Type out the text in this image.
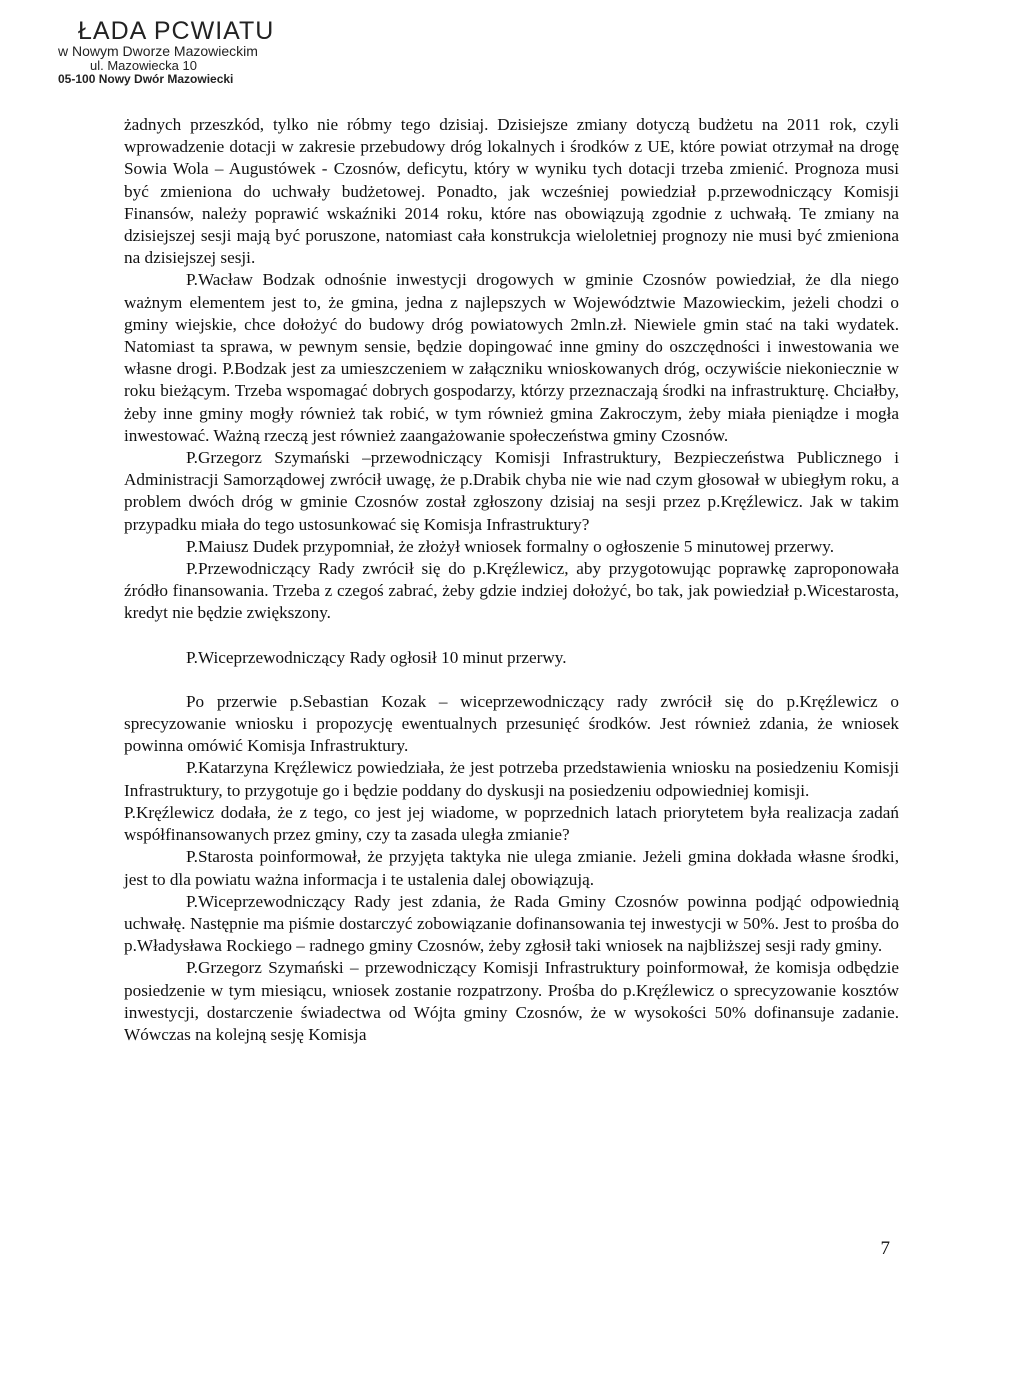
ŁADA PCWIATU
w Nowym Dworze Mazowieckim
ul. Mazowiecka 10
05-100 Nowy Dwór Mazowiecki

żadnych przeszkód, tylko nie róbmy tego dzisiaj. Dzisiejsze zmiany dotyczą budżetu na 2011 rok, czyli wprowadzenie dotacji w zakresie przebudowy dróg lokalnych i środków z UE, które powiat otrzymał na drogę Sowia Wola – Augustówek - Czosnów, deficytu, który w wyniku tych dotacji trzeba zmienić. Prognoza musi być zmieniona do uchwały budżetowej. Ponadto, jak wcześniej powiedział p.przewodniczący Komisji Finansów, należy poprawić wskaźniki 2014 roku, które nas obowiązują zgodnie z uchwałą. Te zmiany na dzisiejszej sesji mają być poruszone, natomiast cała konstrukcja wieloletniej prognozy nie musi być zmieniona na dzisiejszej sesji.

P.Wacław Bodzak odnośnie inwestycji drogowych w gminie Czosnów powiedział, że dla niego ważnym elementem jest to, że gmina, jedna z najlepszych w Województwie Mazowieckim, jeżeli chodzi o gminy wiejskie, chce dołożyć do budowy dróg powiatowych 2mln.zł. Niewiele gmin stać na taki wydatek. Natomiast ta sprawa, w pewnym sensie, będzie dopingować inne gminy do oszczędności i inwestowania we własne drogi. P.Bodzak jest za umieszczeniem w załączniku wnioskowanych dróg, oczywiście niekoniecznie w roku bieżącym. Trzeba wspomagać dobrych gospodarzy, którzy przeznaczają środki na infrastrukturę. Chciałby, żeby inne gminy mogły również tak robić, w tym również gmina Zakroczym, żeby miała pieniądze i mogła inwestować. Ważną rzeczą jest również zaangażowanie społeczeństwa gminy Czosnów.

P.Grzegorz Szymański –przewodniczący Komisji Infrastruktury, Bezpieczeństwa Publicznego i Administracji Samorządowej zwrócił uwagę, że p.Drabik chyba nie wie nad czym głosował w ubiegłym roku, a problem dwóch dróg w gminie Czosnów został zgłoszony dzisiaj na sesji przez p.Kręźlewicz. Jak w takim przypadku miała do tego ustosunkować się Komisja Infrastruktury?

P.Maiusz Dudek przypomniał, że złożył wniosek formalny o ogłoszenie 5 minutowej przerwy.

P.Przewodniczący Rady zwrócił się do p.Kręźlewicz, aby przygotowując poprawkę zaproponowała źródło finansowania. Trzeba z czegoś zabrać, żeby gdzie indziej dołożyć, bo tak, jak powiedział p.Wicestarosta, kredyt nie będzie zwiększony.

P.Wiceprzewodniczący Rady ogłosił 10 minut przerwy.

Po przerwie p.Sebastian Kozak – wiceprzewodniczący rady zwrócił się do p.Kręźlewicz o sprecyzowanie wniosku i propozycję ewentualnych przesunięć środków. Jest również zdania, że wniosek powinna omówić Komisja Infrastruktury.

P.Katarzyna Kręźlewicz powiedziała, że jest potrzeba przedstawienia wniosku na posiedzeniu Komisji Infrastruktury, to przygotuje go i będzie poddany do dyskusji na posiedzeniu odpowiedniej komisji.

P.Kręźlewicz dodała, że z tego, co jest jej wiadome, w poprzednich latach priorytetem była realizacja zadań współfinansowanych przez gminy, czy ta zasada uległa zmianie?

P.Starosta poinformował, że przyjęta taktyka nie ulega zmianie. Jeżeli gmina dokłada własne środki, jest to dla powiatu ważna informacja i te ustalenia dalej obowiązują.

P.Wiceprzewodniczący Rady jest zdania, że Rada Gminy Czosnów powinna podjąć odpowiednią uchwałę. Następnie ma piśmie dostarczyć zobowiązanie dofinansowania tej inwestycji w 50%. Jest to prośba do p.Władysława Rockiego – radnego gminy Czosnów, żeby zgłosił taki wniosek na najbliższej sesji rady gminy.

P.Grzegorz Szymański – przewodniczący Komisji Infrastruktury poinformował, że komisja odbędzie posiedzenie w tym miesiącu, wniosek zostanie rozpatrzony. Prośba do p.Kręźlewicz o sprecyzowanie kosztów inwestycji, dostarczenie świadectwa od Wójta gminy Czosnów, że w wysokości 50% dofinansuje zadanie. Wówczas na kolejną sesję Komisja

7
